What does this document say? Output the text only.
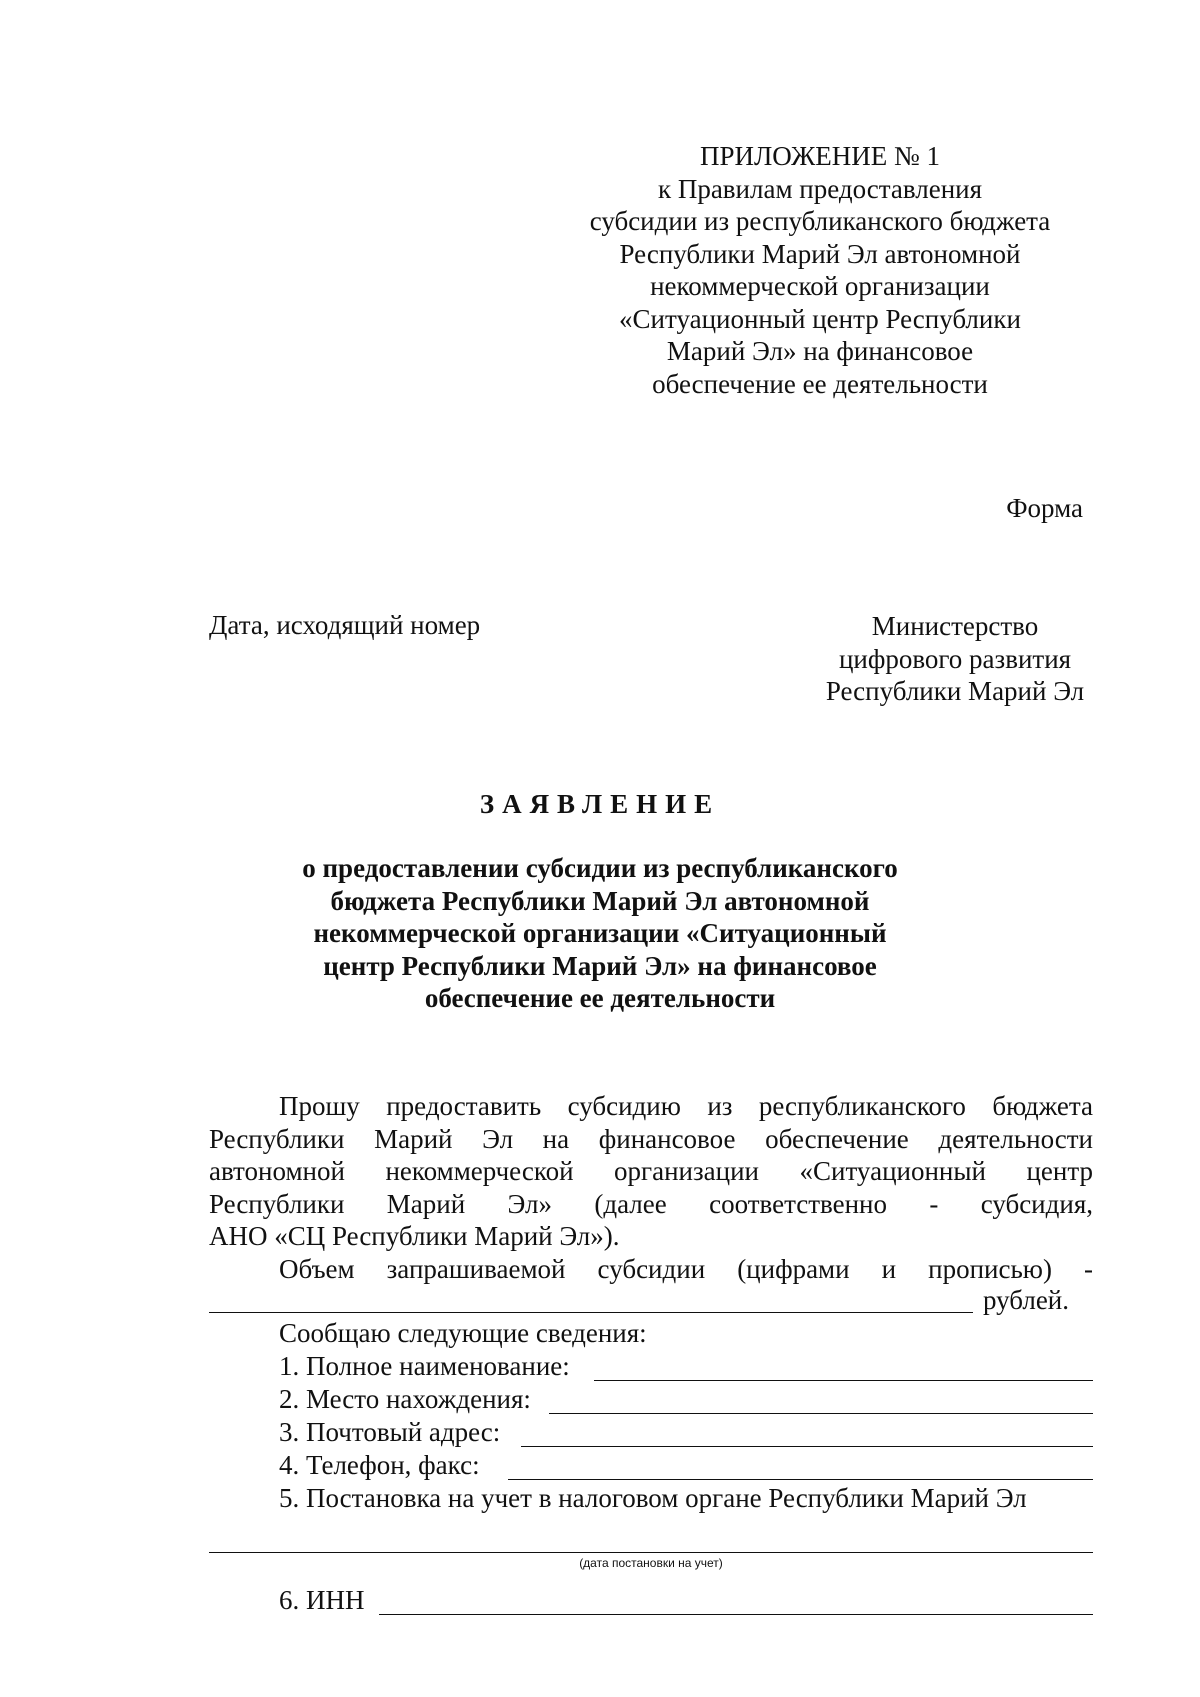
ПРИЛОЖЕНИЕ № 1
к Правилам предоставления
субсидии из республиканского бюджета
Республики Марий Эл автономной
некоммерческой организации
«Ситуационный центр Республики
Марий Эл» на финансовое
обеспечение ее деятельности
Форма
Дата, исходящий номер	Министерство
цифрового развития
Республики Марий Эл
ЗАЯВЛЕНИЕ
о предоставлении субсидии из республиканского
бюджета Республики Марий Эл автономной
некоммерческой организации «Ситуационный
центр Республики Марий Эл» на финансовое
обеспечение ее деятельности
Прошу предоставить субсидию из республиканского бюджета
Республики Марий Эл на финансовое обеспечение деятельности
автономной некоммерческой организации «Ситуационный центр
Республики Марий Эл» (далее соответственно - субсидия,
АНО «СЦ Республики Марий Эл»).
Объем запрашиваемой субсидии (цифрами и прописью) -
рублей.
Сообщаю следующие сведения:
1. Полное наименование:
2. Место нахождения:
3. Почтовый адрес:
4. Телефон, факс:
5. Постановка на учет в налоговом органе Республики Марий Эл
(дата постановки на учет)
6. ИНН
